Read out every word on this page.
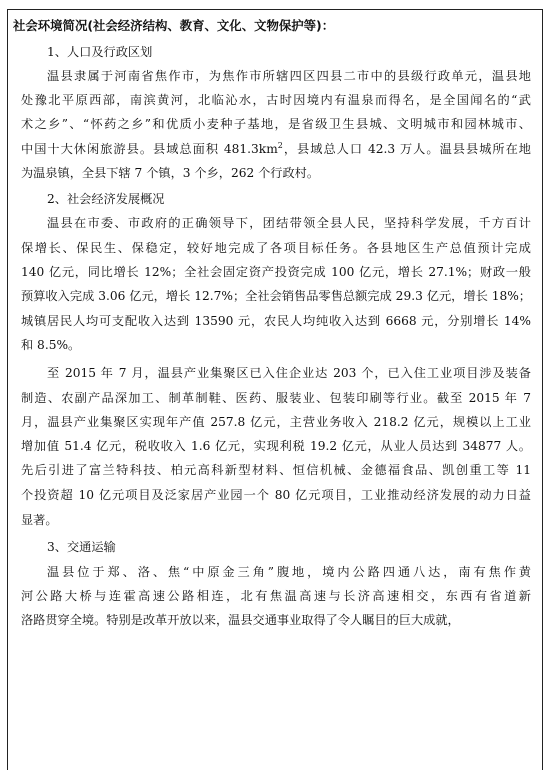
社会环境简况(社会经济结构、教育、文化、文物保护等)：
1、人口及行政区划
温县隶属于河南省焦作市，为焦作市所辖四区四县二市中的县级行政单元，温县地
处豫北平原西部，南滨黄河，北临沁水，古时因境内有温泉而得名，是全国闻名的“武
术之乡”、“怀药之乡”和优质小麦种子基地，是省级卫生县城、文明城市和园林城市、
中国十大休闲旅游县。县域总面积 $481.3km^2$，县域总人口 42.3 万人。温县县城所在地
为温泉镇，全县下辖 7 个镇，3 个乡，262 个行政村。
2、社会经济发展概况
温县在市委、市政府的正确领导下，团结带领全县人民，坚持科学发展，千方百计
保增长、保民生、保稳定，较好地完成了各项目标任务。各县地区生产总值预计完成
140 亿元，同比增长 12%；全社会固定资产投资完成 100 亿元，增长 27.1%；财政一般
预算收入完成 3.06 亿元，增长 12.7%；全社会销售品零售总额完成 29.3 亿元，增长 18%；
城镇居民人均可支配收入达到 13590 元，农民人均纯收入达到 6668 元，分别增长 14%
和 8.5%。
至 2015 年 7 月，温县产业集聚区已入住企业达 203 个，已入住工业项目涉及装备
制造、农副产品深加工、制革制鞋、医药、服装业、包装印刷等行业。截至 2015 年 7
月，温县产业集聚区实现年产值 257.8 亿元，主营业务收入 218.2 亿元，规模以上工业
增加值 51.4 亿元，税收收入 1.6 亿元，实现利税 19.2 亿元，从业人员达到 34877 人。
先后引进了富兰特科技、柏元高科新型材料、恒信机械、金德福食品、凯创重工等 11
个投资超 10 亿元项目及泛家居产业园一个 80 亿元项目，工业推动经济发展的动力日益
显著。
3、交通运输
温县位于郑、洛、焦“中原金三角”腹地，境内公路四通八达，南有焦作黄
河公路大桥与连霍高速公路相连，北有焦温高速与长济高速相交，东西有省道新
洛路贯穿全境。特别是改革开放以来，温县交通事业取得了令人瞩目的巨大成就，
